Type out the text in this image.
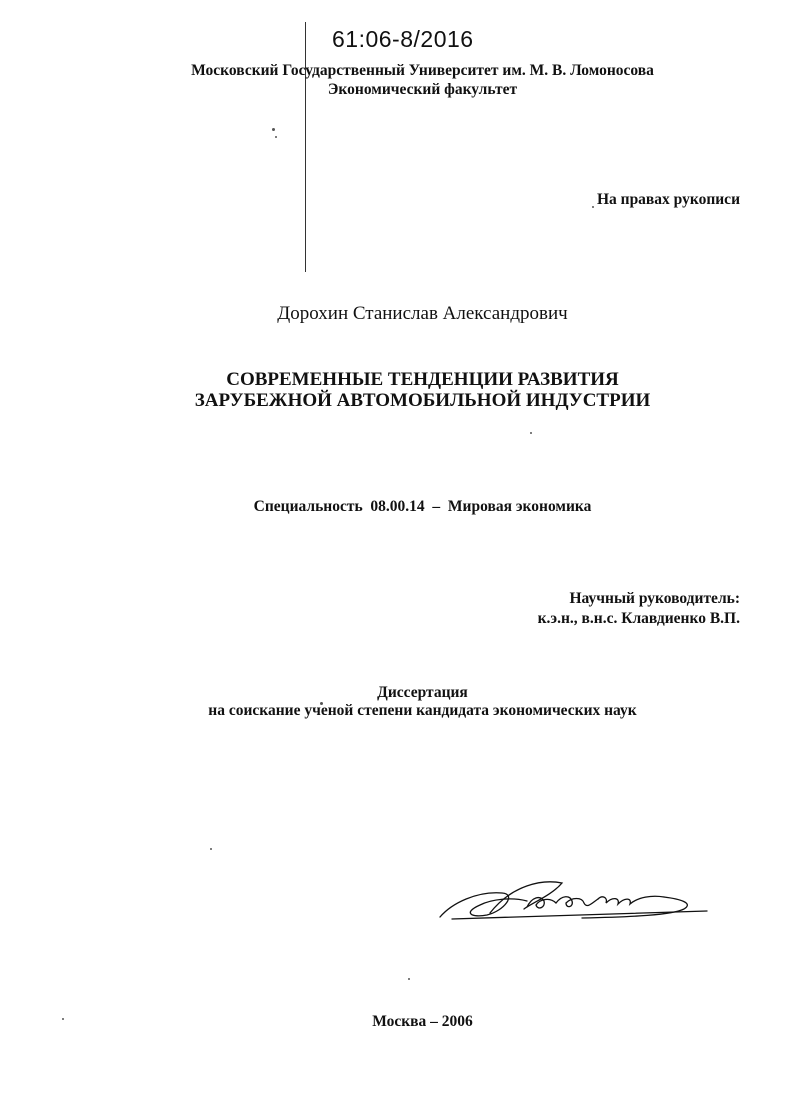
61:06-8/2016
Московский Государственный Университет им. М. В. Ломоносова
Экономический факультет
На правах рукописи
Дорохин Станислав Александрович
СОВРЕМЕННЫЕ ТЕНДЕНЦИИ РАЗВИТИЯ
ЗАРУБЕЖНОЙ АВТОМОБИЛЬНОЙ ИНДУСТРИИ
Специальность  08.00.14  –  Мировая экономика
Научный руководитель:
к.э.н., в.н.с. Клавдиенко В.П.
Диссертация
на соискание ученой степени кандидата экономических наук
Москва – 2006
